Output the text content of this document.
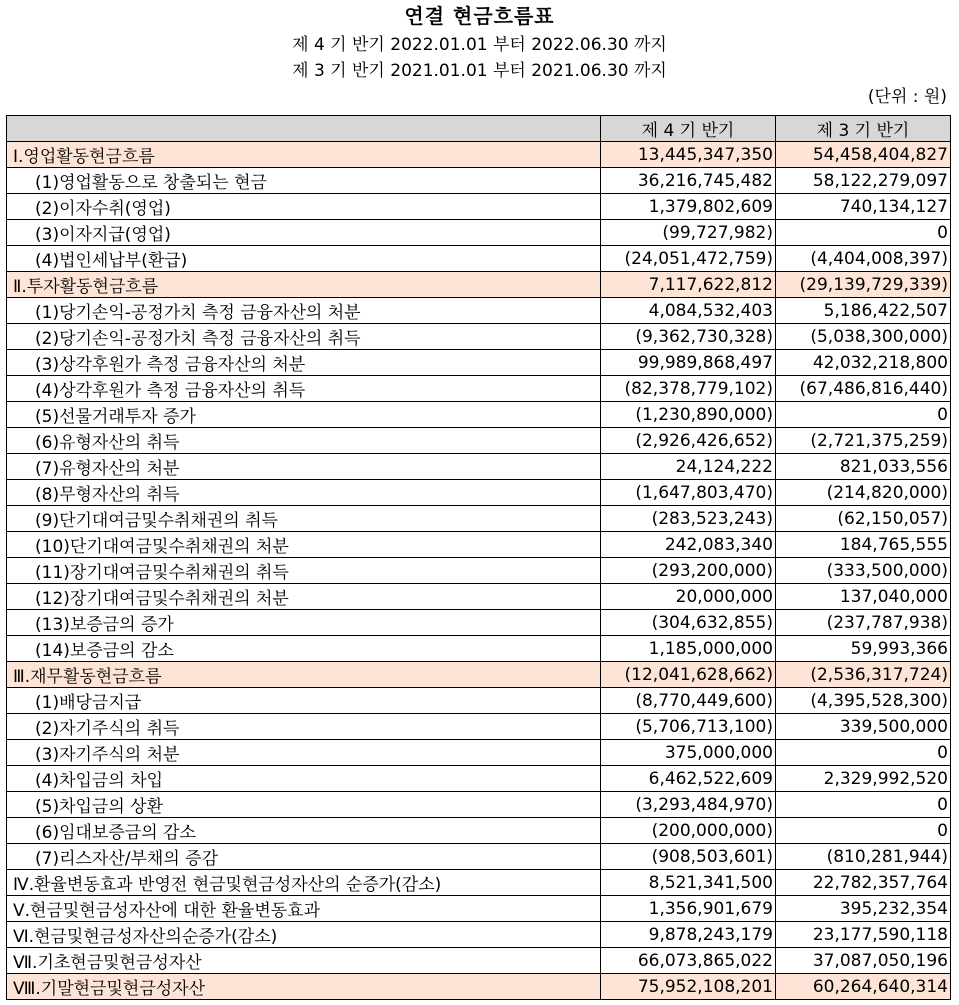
연결 현금흐름표
제 4 기 반기 2022.01.01 부터 2022.06.30 까지
제 3 기 반기 2021.01.01 부터 2021.06.30 까지
(단위 : 원)
	제 4 기 반기	제 3 기 반기
Ⅰ.영업활동현금흐름	13,445,347,350	54,458,404,827
(1)영업활동으로 창출되는 현금	36,216,745,482	58,122,279,097
(2)이자수취(영업)	1,379,802,609	740,134,127
(3)이자지급(영업)	(99,727,982)	0
(4)법인세납부(환급)	(24,051,472,759)	(4,404,008,397)
Ⅱ.투자활동현금흐름	7,117,622,812	(29,139,729,339)
(1)당기손익-공정가치 측정 금융자산의 처분	4,084,532,403	5,186,422,507
(2)당기손익-공정가치 측정 금융자산의 취득	(9,362,730,328)	(5,038,300,000)
(3)상각후원가 측정 금융자산의 처분	99,989,868,497	42,032,218,800
(4)상각후원가 측정 금융자산의 취득	(82,378,779,102)	(67,486,816,440)
(5)선물거래투자 증가	(1,230,890,000)	0
(6)유형자산의 취득	(2,926,426,652)	(2,721,375,259)
(7)유형자산의 처분	24,124,222	821,033,556
(8)무형자산의 취득	(1,647,803,470)	(214,820,000)
(9)단기대여금및수취채권의 취득	(283,523,243)	(62,150,057)
(10)단기대여금및수취채권의 처분	242,083,340	184,765,555
(11)장기대여금및수취채권의 취득	(293,200,000)	(333,500,000)
(12)장기대여금및수취채권의 처분	20,000,000	137,040,000
(13)보증금의 증가	(304,632,855)	(237,787,938)
(14)보증금의 감소	1,185,000,000	59,993,366
Ⅲ.재무활동현금흐름	(12,041,628,662)	(2,536,317,724)
(1)배당금지급	(8,770,449,600)	(4,395,528,300)
(2)자기주식의 취득	(5,706,713,100)	339,500,000
(3)자기주식의 처분	375,000,000	0
(4)차입금의 차입	6,462,522,609	2,329,992,520
(5)차입금의 상환	(3,293,484,970)	0
(6)임대보증금의 감소	(200,000,000)	0
(7)리스자산/부채의 증감	(908,503,601)	(810,281,944)
Ⅳ.환율변동효과 반영전 현금및현금성자산의 순증가(감소)	8,521,341,500	22,782,357,764
Ⅴ.현금및현금성자산에 대한 환율변동효과	1,356,901,679	395,232,354
Ⅵ.현금및현금성자산의순증가(감소)	9,878,243,179	23,177,590,118
Ⅶ.기초현금및현금성자산	66,073,865,022	37,087,050,196
Ⅷ.기말현금및현금성자산	75,952,108,201	60,264,640,314
